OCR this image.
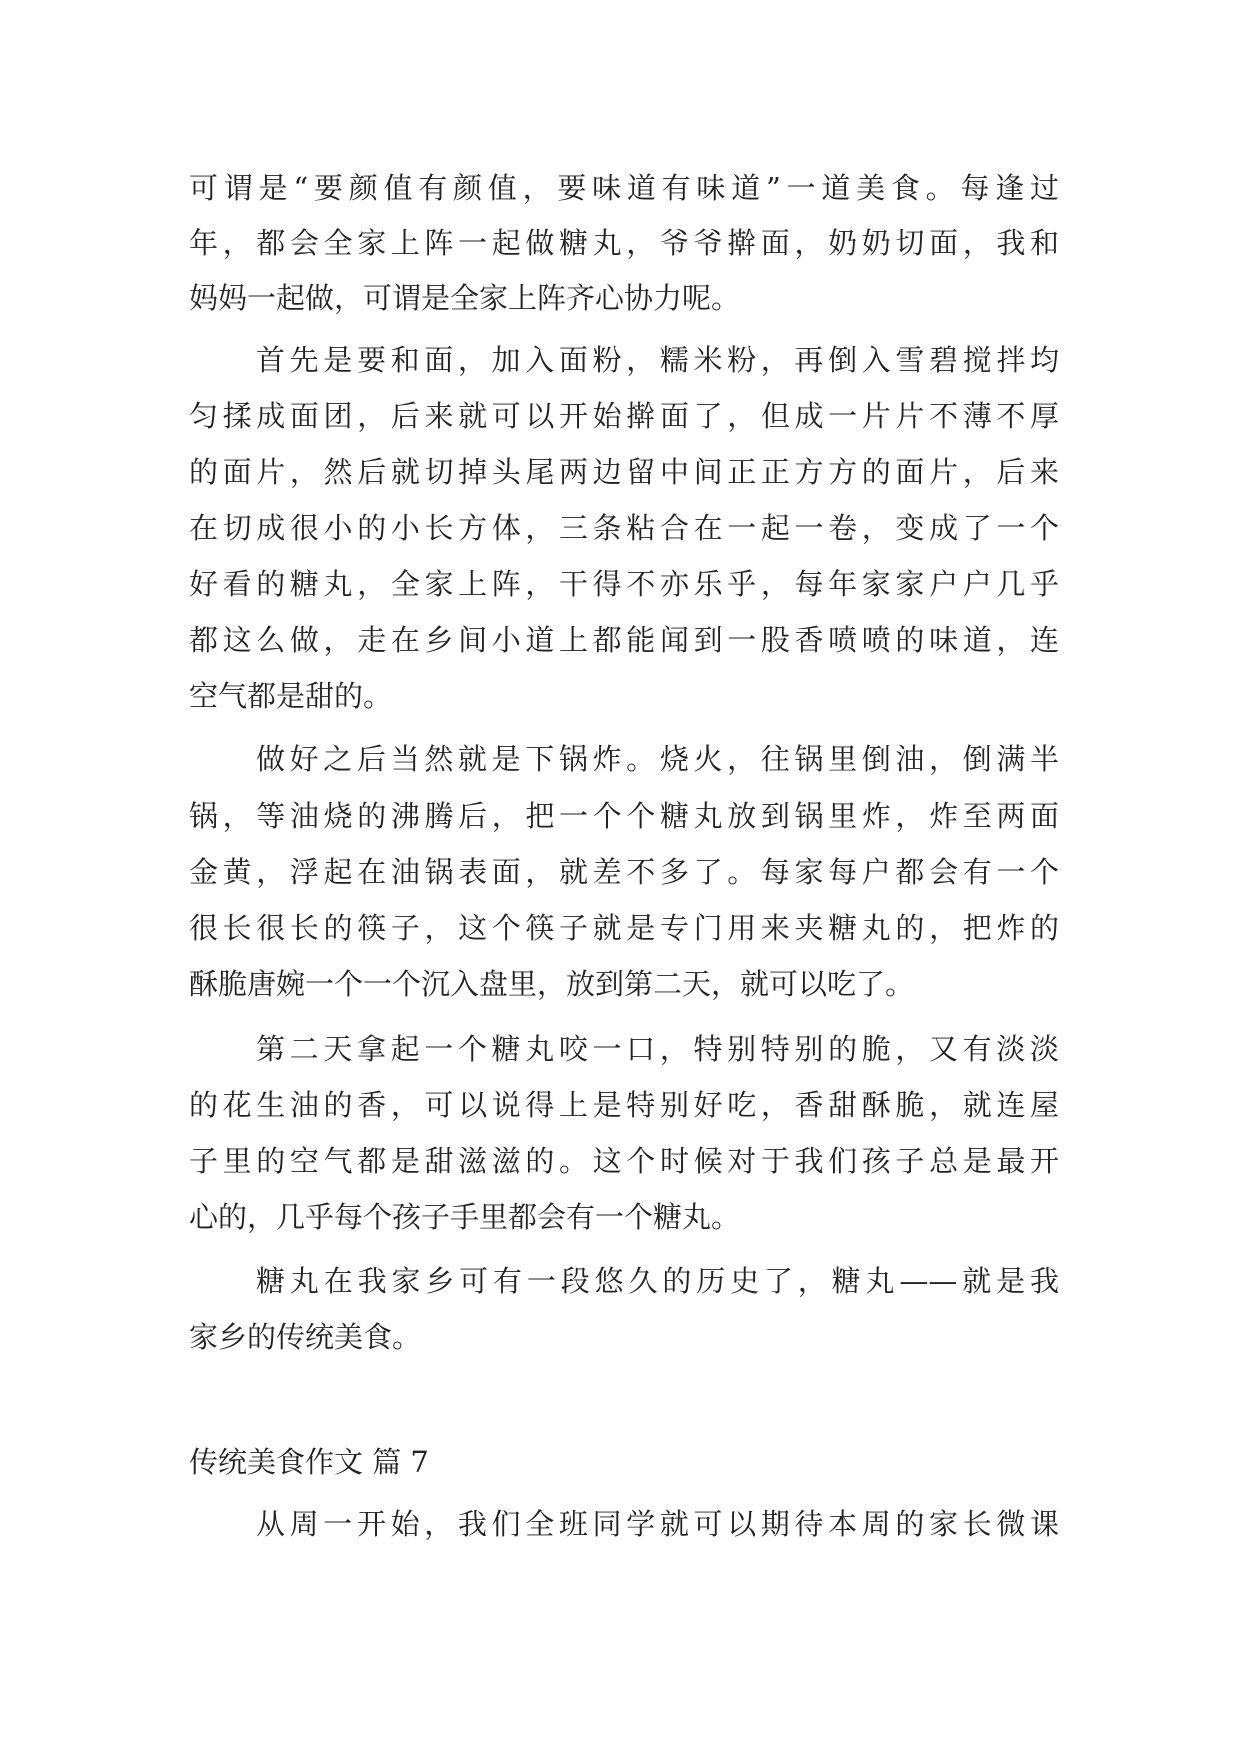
可谓是“要颜值有颜值，要味道有味道”一道美食。每逢过
年，都会全家上阵一起做糖丸，爷爷擀面，奶奶切面，我和
妈妈一起做，可谓是全家上阵齐心协力呢。
首先是要和面，加入面粉，糯米粉，再倒入雪碧搅拌均
匀揉成面团，后来就可以开始擀面了，但成一片片不薄不厚
的面片，然后就切掉头尾两边留中间正正方方的面片，后来
在切成很小的小长方体，三条粘合在一起一卷，变成了一个
好看的糖丸，全家上阵，干得不亦乐乎，每年家家户户几乎
都这么做，走在乡间小道上都能闻到一股香喷喷的味道，连
空气都是甜的。
做好之后当然就是下锅炸。烧火，往锅里倒油，倒满半
锅，等油烧的沸腾后，把一个个糖丸放到锅里炸，炸至两面
金黄，浮起在油锅表面，就差不多了。每家每户都会有一个
很长很长的筷子，这个筷子就是专门用来夹糖丸的，把炸的
酥脆唐婉一个一个沉入盘里，放到第二天，就可以吃了。
第二天拿起一个糖丸咬一口，特别特别的脆，又有淡淡
的花生油的香，可以说得上是特别好吃，香甜酥脆，就连屋
子里的空气都是甜滋滋的。这个时候对于我们孩子总是最开
心的，几乎每个孩子手里都会有一个糖丸。
糖丸在我家乡可有一段悠久的历史了，糖丸——就是我
家乡的传统美食。
传统美食作文 篇 7
从周一开始，我们全班同学就可以期待本周的家长微课
